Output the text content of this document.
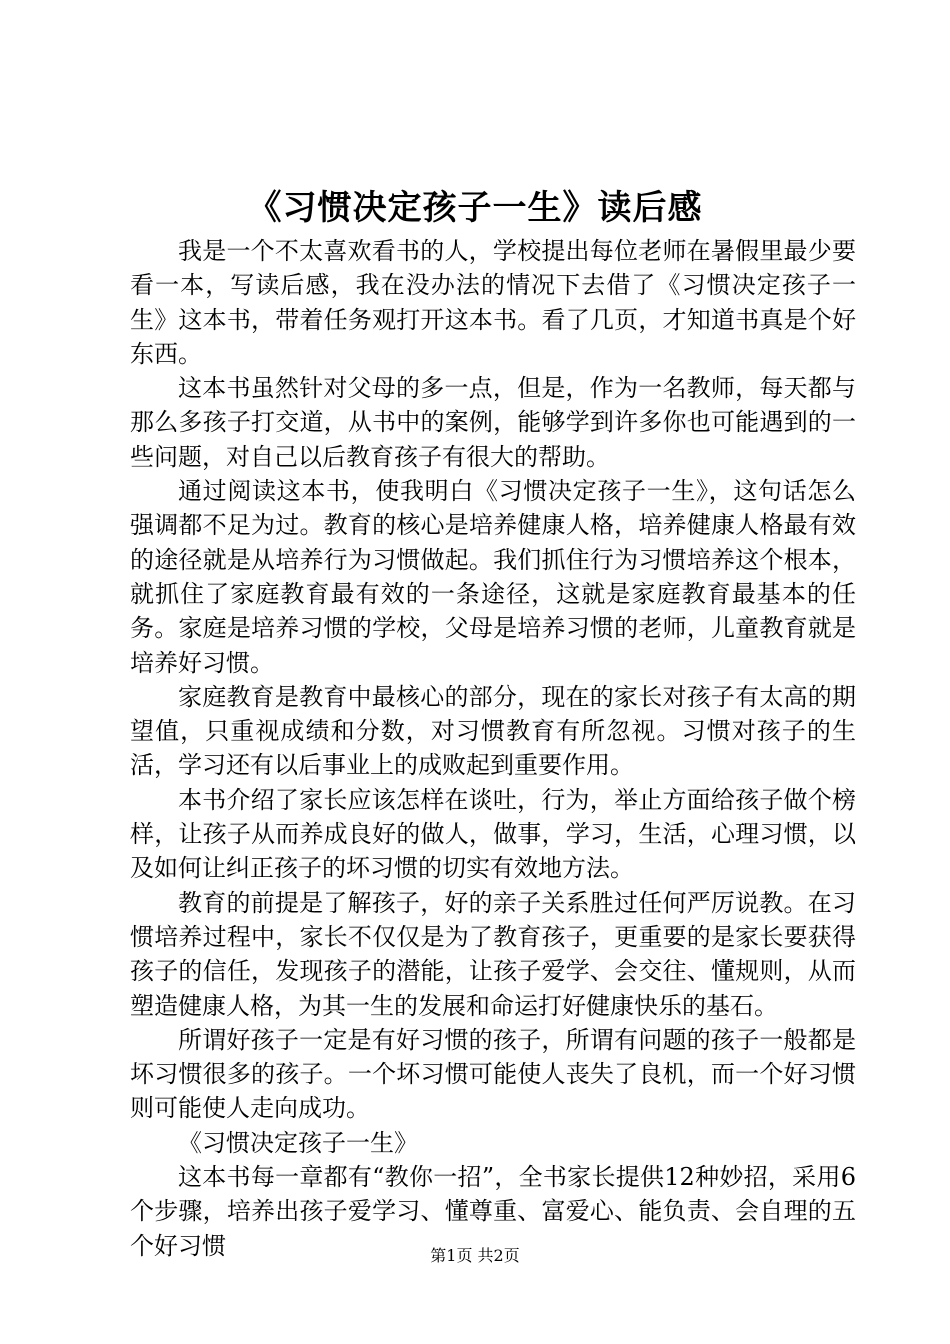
《习惯决定孩子一生》读后感

我是一个不太喜欢看书的人，学校提出每位老师在暑假里最少要看一本，写读后感，我在没办法的情况下去借了《习惯决定孩子一生》这本书，带着任务观打开这本书。看了几页，才知道书真是个好东西。

这本书虽然针对父母的多一点，但是，作为一名教师，每天都与那么多孩子打交道，从书中的案例，能够学到许多你也可能遇到的一些问题，对自己以后教育孩子有很大的帮助。

通过阅读这本书，使我明白《习惯决定孩子一生》，这句话怎么强调都不足为过。教育的核心是培养健康人格，培养健康人格最有效的途径就是从培养行为习惯做起。我们抓住行为习惯培养这个根本，就抓住了家庭教育最有效的一条途径，这就是家庭教育最基本的任务。家庭是培养习惯的学校，父母是培养习惯的老师，儿童教育就是培养好习惯。

家庭教育是教育中最核心的部分，现在的家长对孩子有太高的期望值，只重视成绩和分数，对习惯教育有所忽视。习惯对孩子的生活，学习还有以后事业上的成败起到重要作用。

本书介绍了家长应该怎样在谈吐，行为，举止方面给孩子做个榜样，让孩子从而养成良好的做人，做事，学习，生活，心理习惯，以及如何让纠正孩子的坏习惯的切实有效地方法。

教育的前提是了解孩子，好的亲子关系胜过任何严厉说教。在习惯培养过程中，家长不仅仅是为了教育孩子，更重要的是家长要获得孩子的信任，发现孩子的潜能，让孩子爱学、会交往、懂规则，从而塑造健康人格，为其一生的发展和命运打好健康快乐的基石。

所谓好孩子一定是有好习惯的孩子，所谓有问题的孩子一般都是坏习惯很多的孩子。一个坏习惯可能使人丧失了良机，而一个好习惯则可能使人走向成功。

《习惯决定孩子一生》

这本书每一章都有“教你一招”，全书家长提供12种妙招，采用6个步骤，培养出孩子爱学习、懂尊重、富爱心、能负责、会自理的五个好习惯	第1页 共2页
